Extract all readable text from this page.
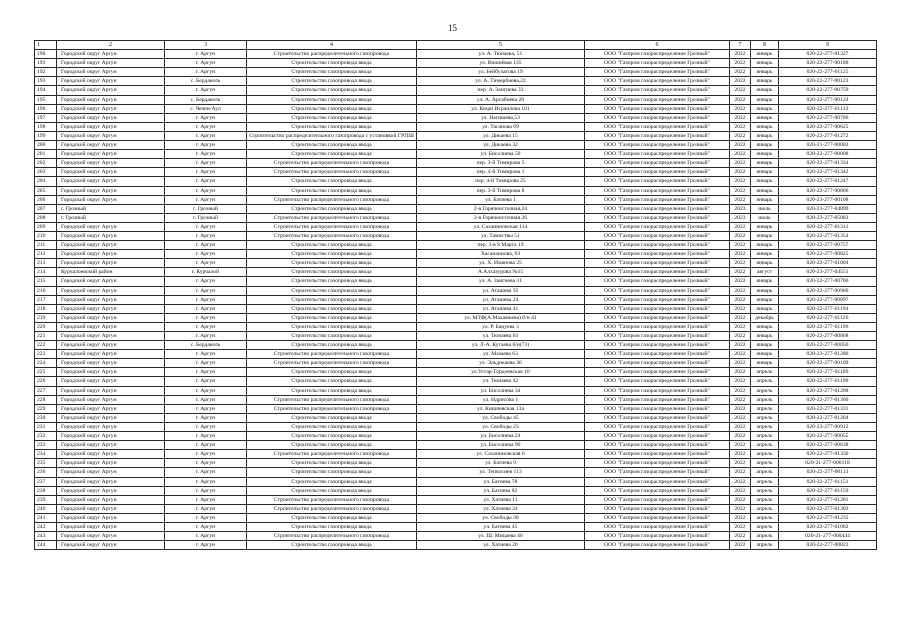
15
1	2	3	4	5	6	7	8	9
190	Городской округ Аргун	г. Аргун	Строительство распределительного газопровода	ул. А. Тюнаева, 51	ООО "Газпром газораспределение Грозный"	2022	январь	020-22-277-01327
191	Городской округ Аргун	г. Аргун	Строительство газопровода ввода	ул. Вишнёвая 135	ООО "Газпром газораспределение Грозный"	2022	январь	020-22-277-00180
192	Городской округ Аргун	г. Аргун	Строительство газопровода ввода	ул. Бейбулатова 19	ООО "Газпром газораспределение Грозный"	2022	январь	020-22-277-01125
193	Городской округ Аргун	с. Бердакель	Строительство газопровода ввода	ул. А. Тимербиева,22	ООО "Газпром газораспределение Грозный"	2022	январь	020-22-277-00123
194	Городской округ Аргун	г. Аргун	Строительство газопровода ввода	пер. А. Зангиева 33	ООО "Газпром газораспределение Грозный"	2022	январь	020-22-277-00759
195	Городской округ Аргун	с. Бердакель	Строительство газопровода ввода	ул. А. Арсабиева 28	ООО "Газпром газораспределение Грозный"	2022	январь	020-22-277-00124
196	Городской округ Аргун	с. Чечен-Аул	Строительство газопровода ввода	ул. Кюри Исраилова 101	ООО "Газпром газораспределение Грозный"	2022	январь	020-22-277-01133
197	Городской округ Аргун	г. Аргун	Строительство газопровода ввода	ул. Нагишева,53	ООО "Газпром газораспределение Грозный"	2022	январь	020-22-277-00786
198	Городской округ Аргун	г. Аргун	Строительство газопровода ввода	ул. Тасанова 69	ООО "Газпром газораспределение Грозный"	2022	январь	020-22-277-00625
199	Городской округ Аргун	г. Аргун	Строительство распределительного газопровода с установкой ГРПШ	ул. Дикаева 15	ООО "Газпром газораспределение Грозный"	2022	январь	020-22-277-01272
200	Городской округ Аргун	г. Аргун	Строительство газопровода ввода	ул. Дикаева 32	ООО "Газпром газораспределение Грозный"	2022	январь	020-21-277-00003
201	Городской округ Аргун	г. Аргун	Строительство газопровода ввода	ул. Бисолиева 50	ООО "Газпром газораспределение Грозный"	2022	январь	020-22-277-00008
202	Городской округ Аргун	г. Аргун	Строительство распределительного газопровода	пер. 3-й Тимирова 5	ООО "Газпром газораспределение Грозный"	2022	январь	020-22-277-01334
203	Городской округ Аргун	г. Аргун	Строительство распределительного газопровода	пер. 4-й Тимирова 1	ООО "Газпром газораспределение Грозный"	2022	январь	020-22-277-01342
204	Городской округ Аргун	г. Аргун	Строительство газопровода ввода	пер. 4-й Тимирова 25	ООО "Газпром газораспределение Грозный"	2022	январь	020-22-277-01247
205	Городской округ Аргун	г. Аргун	Строительство газопровода ввода	пер. 3-й Тимирова 8	ООО "Газпром газораспределение Грозный"	2022	январь	020-22-277-00666
206	Городской округ Аргун	г. Аргун	Строительство распределительного газопровода	ул. Батиева 1	ООО "Газпром газораспределение Грозный"	2022	январь	020-23-277-00108
207	г. Грозный	г. Грозный	Строительство газопровода ввода	2-я Горячеисточная,24	ООО "Газпром газораспределение Грозный"	2023	июль	020-23-277-04899
208	г. Грозный	г. Грозный	Строительство распределительного газопровода	2-я Горячеисточная 26	ООО "Газпром газораспределение Грозный"	2023	июль	020-23-277-05083
209	Городской округ Аргун	г. Аргун	Строительство распределительного газопровода	ул. Саханиновская 114	ООО "Газпром газораспределение Грозный"	2022	январь	020-22-277-01311
210	Городской округ Аргун	г. Аргун	Строительство распределительного газопровода	ул. Тамиствы 51	ООО "Газпром газораспределение Грозный"	2022	январь	020-22-277-01354
211	Городской округ Аргун	г. Аргун	Строительство газопровода ввода	пер. 3-я 8 Марта 19	ООО "Газпром газораспределение Грозный"	2022	январь	020-22-277-00757
212	Городской округ Аргун	г. Аргун	Строительство газопровода ввода	Хасанаинова, 93	ООО "Газпром газораспределение Грозный"	2022	январь	020-22-277-00825
213	Городской округ Аргун	г. Аргун	Строительство газопровода ввода	ул. Х. Иманова 25	ООО "Газпром газораспределение Грозный"	2022	январь	020-22-277-01004
214	Курчалоевский район	г. Курчалой	Строительство газопровода ввода	А.Алхазурова №15	ООО "Газпром газораспределение Грозный"	2022	август	020-23-277-04551
215	Городской округ Аргун	г. Аргун	Строительство газопровода ввода	ул. А. Зангиева 31	ООО "Газпром газораспределение Грозный"	2022	январь	020-22-277-00766
216	Городской округ Аргун	г. Аргун	Строительство газопровода ввода	ул. Аташева 35	ООО "Газпром газораспределение Грозный"	2022	январь	020-22-277-00960
217	Городской округ Аргун	г. Аргун	Строительство газопровода ввода	ул. Аташева 24	ООО "Газпром газораспределение Грозный"	2022	январь	020-22-277-00897
218	Городской округ Аргун	г. Аргун	Строительство газопровода ввода	ул. Аташева 41	ООО "Газпром газораспределение Грозный"	2022	январь	020-22-277-01194
219	Городской округ Аргун	г. Аргун	Строительство газопровода ввода	ул. МТФ(А.Махаяжева) б/н 41	ООО "Газпром газораспределение Грозный"	2022	декабрь	020-22-277-01126
220	Городской округ Аргун	г. Аргун	Строительство газопровода ввода	ул. Р. Бацуева 3	ООО "Газпром газораспределение Грозный"	2022	январь	020-22-277-01196
221	Городской округ Аргун	г. Аргун	Строительство газопровода ввода	ул. Тюнаева 63	ООО "Газпром газораспределение Грозный"	2022	январь	020-22-277-00868
222	Городской округ Аргун	с. Бердакель	Строительство газопровода ввода	ул. Л-А. Кутаева б/н(73)	ООО "Газпром газораспределение Грозный"	2022	январь	020-22-277-00050
223	Городской округ Аргун	г. Аргун	Строительство распределительного газопровода	ул. Мазаева 63	ООО "Газпром газораспределение Грозный"	2022	январь	020-23-277-01286
224	Городской округ Аргун	г. Аргун	Строительство распределительного газопровода	ул. Эльдикаева 36	ООО "Газпром газораспределение Грозный"	2022	январь	020-22-277-00109
225	Городской округ Аргун	г. Аргун	Строительство газопровода ввода	ул.Устар-Гордоевская 10	ООО "Газпром газораспределение Грозный"	2022	апрель	020-22-277-01189
226	Городской округ Аргун	г. Аргун	Строительство газопровода ввода	ул. Тюнаева 42	ООО "Газпром газораспределение Грозный"	2022	апрель	020-22-277-01190
227	Городской округ Аргун	г. Аргун	Строительство газопровода ввода	ул. Бисолиева 34	ООО "Газпром газораспределение Грозный"	2022	апрель	020-22-277-01208
228	Городской округ Аргун	г. Аргун	Строительство распределительного газопровода	ул. Идрисова 1	ООО "Газпром газораспределение Грозный"	2022	апрель	020-22-277-01360
229	Городской округ Аргун	г. Аргун	Строительство распределительного газопровода	ул. Кишиевская 13а	ООО "Газпром газораспределение Грозный"	2022	апрель	020-22-277-01331
230	Городской округ Аргун	г. Аргун	Строительство газопровода ввода	ул. Свободы 45	ООО "Газпром газораспределение Грозный"	2022	апрель	020-22-277-01204
231	Городской округ Аргун	г. Аргун	Строительство газопровода ввода	ул. Свободы 23	ООО "Газпром газораспределение Грозный"	2022	апрель	020-23-277-00912
232	Городской округ Аргун	г. Аргун	Строительство газопровода ввода	ул. Бисолиева 24	ООО "Газпром газораспределение Грозный"	2022	апрель	020-22-277-00055
233	Городской округ Аргун	г. Аргун	Строительство газопровода ввода	ул. Бисолиева 90	ООО "Газпром газораспределение Грозный"	2022	апрель	020-22-277-00638
234	Городской округ Аргун	г. Аргун	Строительство распределительного газопровода	ул. Саханиновская 6	ООО "Газпром газораспределение Грозный"	2022	апрель	020-22-277-01330
235	Городской округ Аргун	г. Аргун	Строительство газопровода ввода	ул. Батиева 9	ООО "Газпром газораспределение Грозный"	2022	апрель	020-21-277-000118
236	Городской округ Аргун	г. Аргун	Строительство газопровода ввода	ул. Тепкосиев 113	ООО "Газпром газораспределение Грозный"	2022	апрель	020-22-277-00113
237	Городской округ Аргун	г. Аргун	Строительство газопровода ввода	ул. Батиева 78	ООО "Газпром газораспределение Грозный"	2022	апрель	020-22-277-01151
238	Городской округ Аргун	г. Аргун	Строительство газопровода ввода	ул. Батиева 82	ООО "Газпром газораспределение Грозный"	2022	апрель	020-22-277-01150
239	Городской округ Аргун	г. Аргун	Строительство распределительного газопровода	ул. Хатиева 11	ООО "Газпром газораспределение Грозный"	2022	апрель	020-22-277-01281
240	Городской округ Аргун	г. Аргун	Строительство распределительного газопровода	ул. Хатиева 24	ООО "Газпром газораспределение Грозный"	2022	апрель	020-22-277-01303
241	Городской округ Аргун	г. Аргун	Строительство газопровода ввода	ул. Свободы 30	ООО "Газпром газораспределение Грозный"	2022	апрель	020-22-277-01235
242	Городской округ Аргун	г. Аргун	Строительство газопровода ввода	ул. Батиева 45	ООО "Газпром газораспределение Грозный"	2022	апрель	020-22-277-01082
243	Городской округ Аргун	г. Аргун	Строительство распределительного газопровода	ул. Ш. Мицаева 46	ООО "Газпром газораспределение Грозный"	2022	апрель	020-21-277-000444
244	Городской округ Аргун	г. Аргун	Строительство газопровода ввода	ул. Хатиева 20	ООО "Газпром газораспределение Грозный"	2022	апрель	020-22-277-00823
